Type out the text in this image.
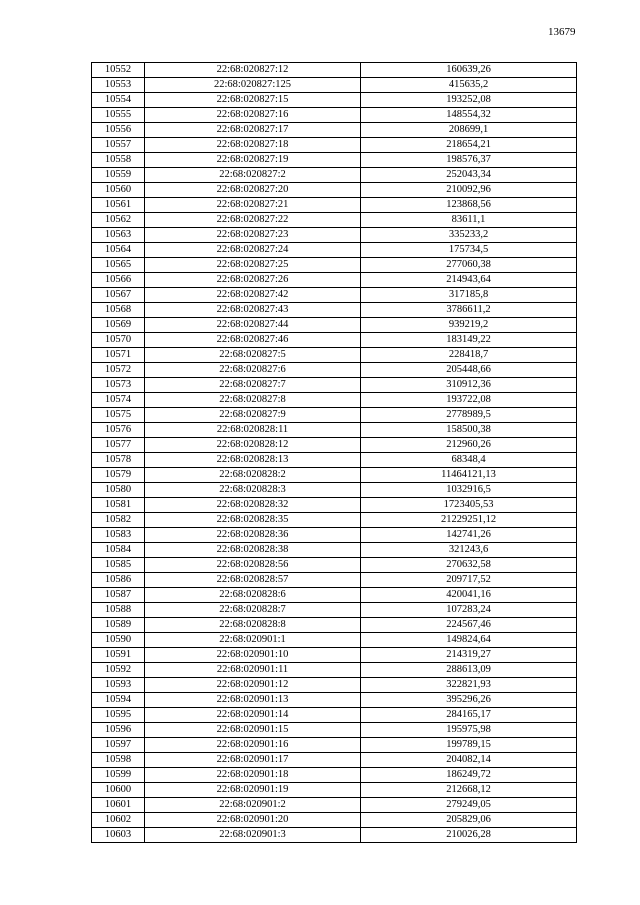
13679
10552	22:68:020827:12	160639,26
10553	22:68:020827:125	415635,2
10554	22:68:020827:15	193252,08
10555	22:68:020827:16	148554,32
10556	22:68:020827:17	208699,1
10557	22:68:020827:18	218654,21
10558	22:68:020827:19	198576,37
10559	22:68:020827:2	252043,34
10560	22:68:020827:20	210092,96
10561	22:68:020827:21	123868,56
10562	22:68:020827:22	83611,1
10563	22:68:020827:23	335233,2
10564	22:68:020827:24	175734,5
10565	22:68:020827:25	277060,38
10566	22:68:020827:26	214943,64
10567	22:68:020827:42	317185,8
10568	22:68:020827:43	3786611,2
10569	22:68:020827:44	939219,2
10570	22:68:020827:46	183149,22
10571	22:68:020827:5	228418,7
10572	22:68:020827:6	205448,66
10573	22:68:020827:7	310912,36
10574	22:68:020827:8	193722,08
10575	22:68:020827:9	2778989,5
10576	22:68:020828:11	158500,38
10577	22:68:020828:12	212960,26
10578	22:68:020828:13	68348,4
10579	22:68:020828:2	11464121,13
10580	22:68:020828:3	1032916,5
10581	22:68:020828:32	1723405,53
10582	22:68:020828:35	21229251,12
10583	22:68:020828:36	142741,26
10584	22:68:020828:38	321243,6
10585	22:68:020828:56	270632,58
10586	22:68:020828:57	209717,52
10587	22:68:020828:6	420041,16
10588	22:68:020828:7	107283,24
10589	22:68:020828:8	224567,46
10590	22:68:020901:1	149824,64
10591	22:68:020901:10	214319,27
10592	22:68:020901:11	288613,09
10593	22:68:020901:12	322821,93
10594	22:68:020901:13	395296,26
10595	22:68:020901:14	284165,17
10596	22:68:020901:15	195975,98
10597	22:68:020901:16	199789,15
10598	22:68:020901:17	204082,14
10599	22:68:020901:18	186249,72
10600	22:68:020901:19	212668,12
10601	22:68:020901:2	279249,05
10602	22:68:020901:20	205829,06
10603	22:68:020901:3	210026,28
